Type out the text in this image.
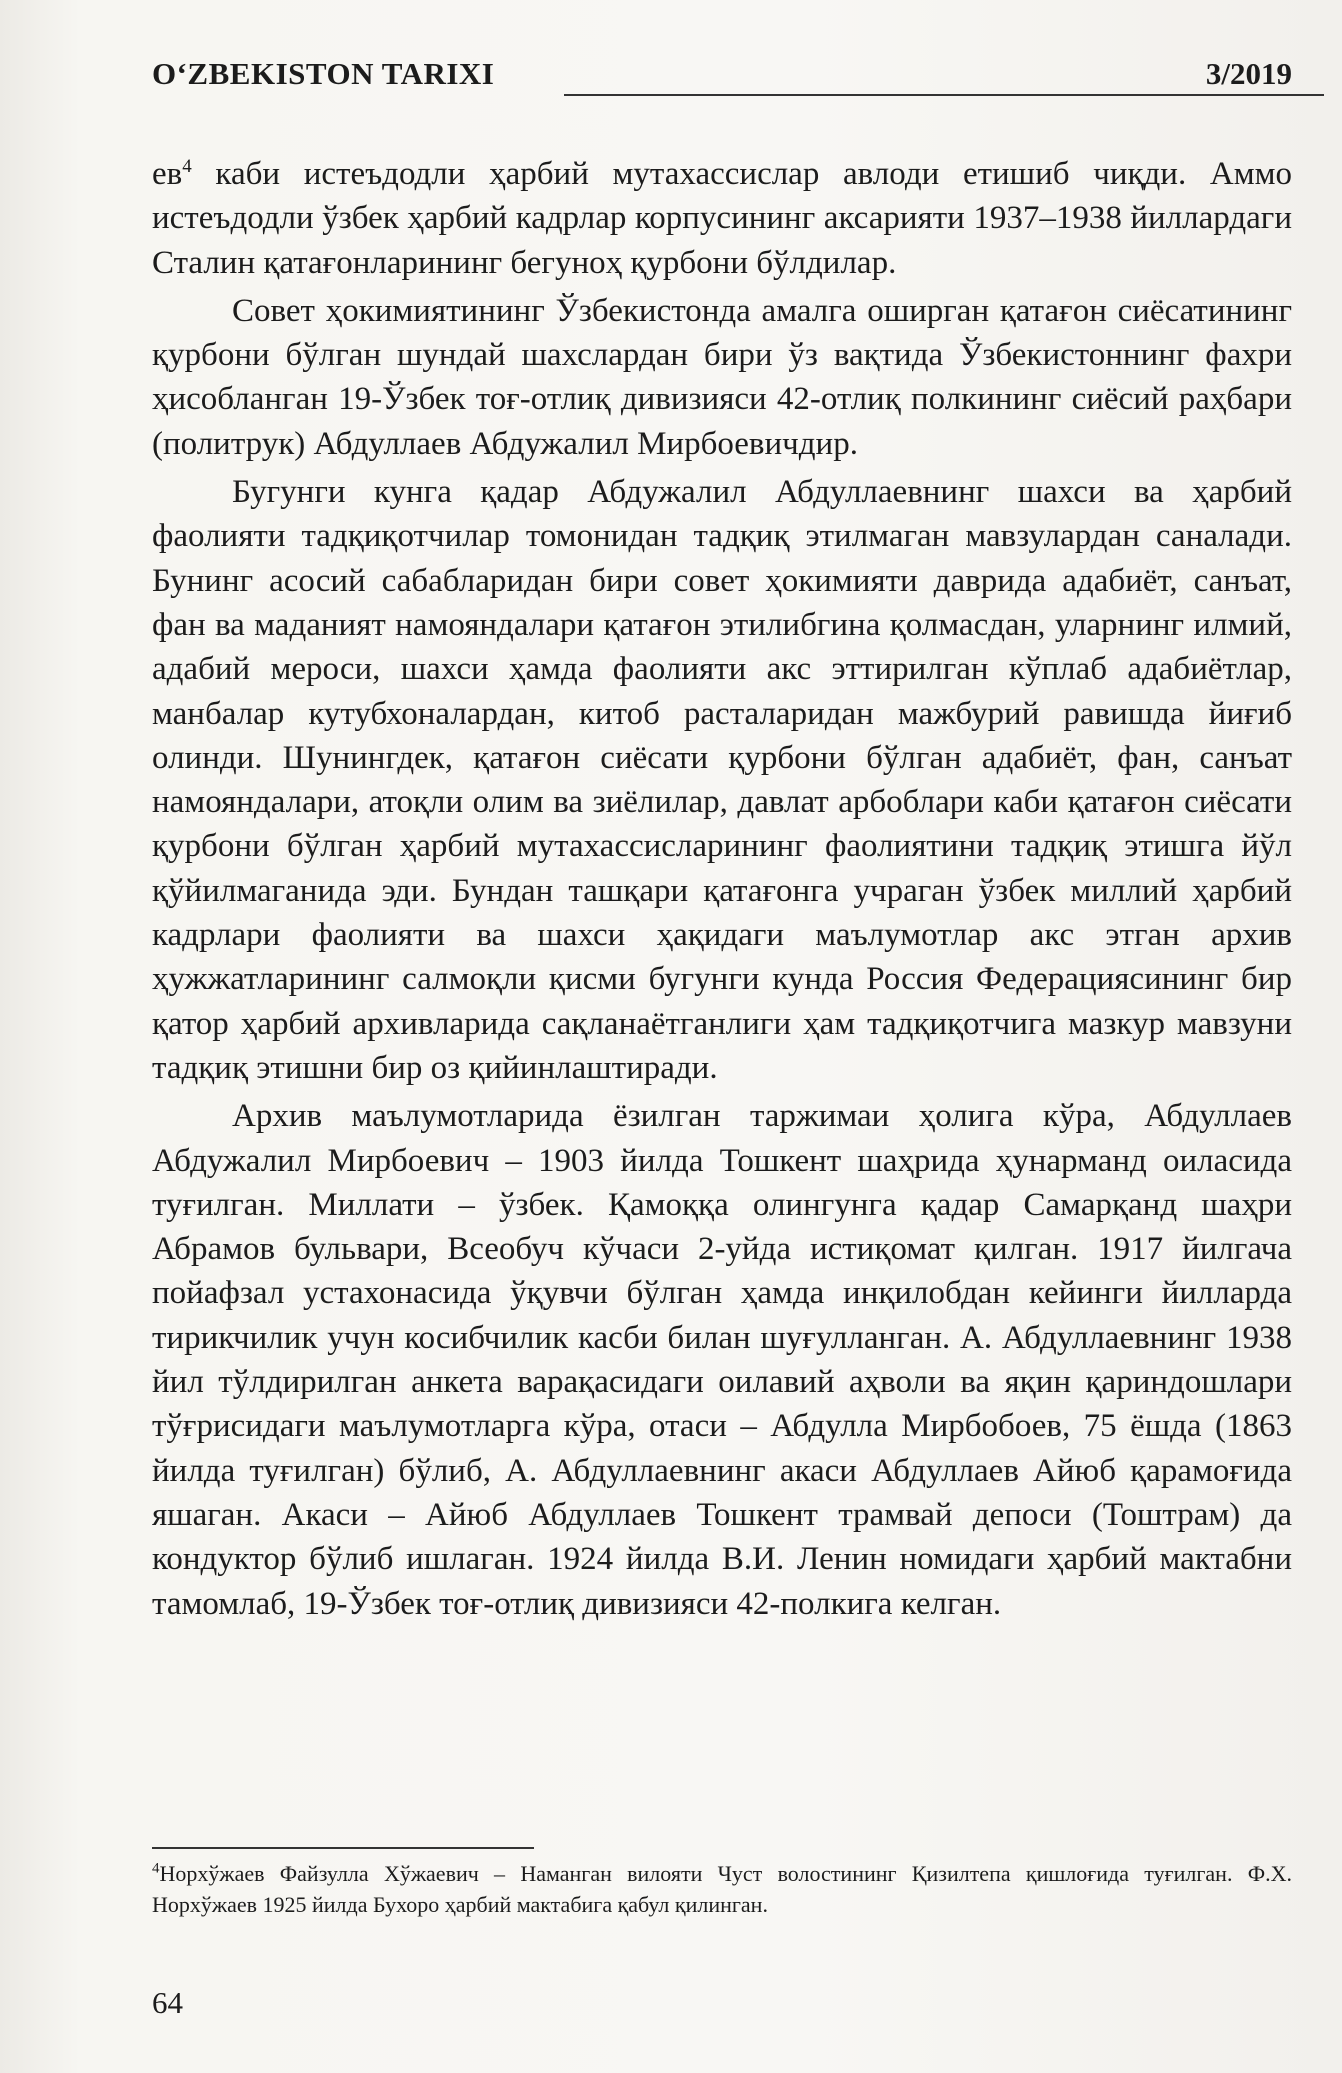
O‘ZBEKISTON TARIXI	3/2019

$ев^4$ каби истеъдодли ҳарбий мутахассислар авлоди етишиб чиқди. Аммо истеъдодли ўзбек ҳарбий кадрлар корпусининг аксарияти 1937–1938 йиллардаги Сталин қатағонларининг бегуноҳ қурбони бўлдилар.

Совет ҳокимиятининг Ўзбекистонда амалга оширган қатағон сиёсатининг қурбони бўлган шундай шахслардан бири ўз вақтида Ўзбекистоннинг фахри ҳисобланган 19-Ўзбек тоғ-отлиқ дивизияси 42-отлиқ полкининг сиёсий раҳбари (политрук) Абдуллаев Абдужалил Мирбоевичдир.

Бугунги кунга қадар Абдужалил Абдуллаевнинг шахси ва ҳарбий фаолияти тадқиқотчилар томонидан тадқиқ этилмаган мавзулардан саналади. Бунинг асосий сабабларидан бири совет ҳокимияти даврида адабиёт, санъат, фан ва маданият намояндалари қатағон этилибгина қолмасдан, уларнинг илмий, адабий мероси, шахси ҳамда фаолияти акс эттирилган кўплаб адабиётлар, манбалар кутубхоналардан, китоб расталаридан мажбурий равишда йиғиб олинди. Шунингдек, қатағон сиёсати қурбони бўлган адабиёт, фан, санъат намояндалари, атоқли олим ва зиёлилар, давлат арбоблари каби қатағон сиёсати қурбони бўлган ҳарбий мутахассисларининг фаолиятини тадқиқ этишга йўл қўйилмаганида эди. Бундан ташқари қатағонга учраган ўзбек миллий ҳарбий кадрлари фаолияти ва шахси ҳақидаги маълумотлар акс этган архив ҳужжатларининг салмоқли қисми бугунги кунда Россия Федерациясининг бир қатор ҳарбий архивларида сақланаётганлиги ҳам тадқиқотчига мазкур мавзуни тадқиқ этишни бир оз қийинлаштиради.

Архив маълумотларида ёзилган таржимаи ҳолига кўра, Абдуллаев Абдужалил Мирбоевич – 1903 йилда Тошкент шаҳрида ҳунарманд оиласида туғилган. Миллати – ўзбек. Қамоққа олингунга қадар Самарқанд шаҳри Абрамов бульвари, Всеобуч кўчаси 2-уйда истиқомат қилган. 1917 йилгача пойафзал устахонасида ўқувчи бўлган ҳамда инқилобдан кейинги йилларда тирикчилик учун косибчилик касби билан шуғулланган. А. Абдуллаевнинг 1938 йил тўлдирилган анкета варақасидаги оилавий аҳволи ва яқин қариндошлари тўғрисидаги маълумотларга кўра, отаси – Абдулла Мирбобоев, 75 ёшда (1863 йилда туғилган) бўлиб, А. Абдуллаевнинг акаси Абдуллаев Айюб қарамоғида яшаган. Акаси – Айюб Абдуллаев Тошкент трамвай депоси (Тоштрам) да кондуктор бўлиб ишлаган. 1924 йилда В.И. Ленин номидаги ҳарбий мактабни тамомлаб, 19-Ўзбек тоғ-отлиқ дивизияси 42-полкига келган.

$^4$Норхўжаев Файзулла Хўжаевич – Наманган вилояти Чуст волостининг Қизилтепа қишлоғида туғилган. Ф.Х. Норхўжаев 1925 йилда Бухоро ҳарбий мактабига қабул қилинган.
64
